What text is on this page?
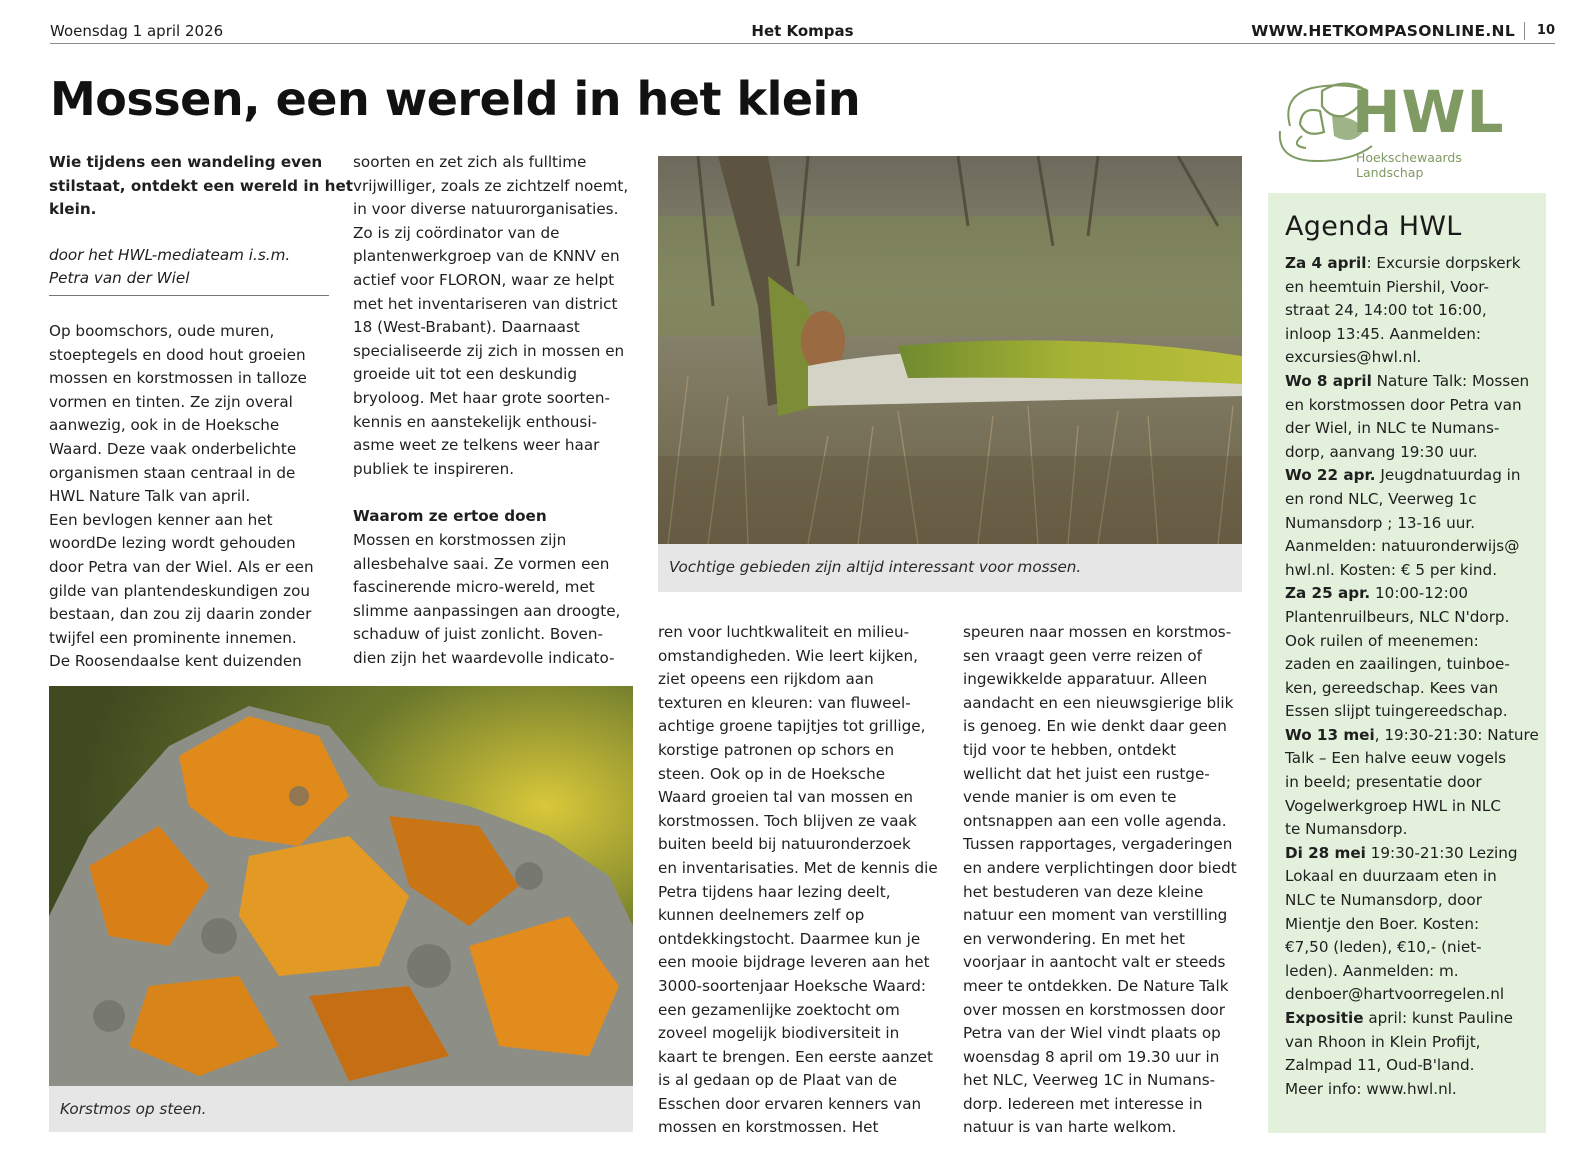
Woensdag 1 april 2026	Het Kompas	WWW.HETKOMPASONLINE.NL 10
Mossen, een wereld in het klein
Wie tijdens een wandeling even
stilstaat, ontdekt een wereld in het
klein.
door het HWL-mediateam i.s.m.
Petra van der Wiel
Op boomschors, oude muren,
stoeptegels en dood hout groeien
mossen en korstmossen in talloze
vormen en tinten. Ze zijn overal
aanwezig, ook in de Hoeksche
Waard. Deze vaak onderbelichte
organismen staan centraal in de
HWL Nature Talk van april.
Een bevlogen kenner aan het
woordDe lezing wordt gehouden
door Petra van der Wiel. Als er een
gilde van plantendeskundigen zou
bestaan, dan zou zij daarin zonder
twijfel een prominente innemen.
De Roosendaalse kent duizenden
soorten en zet zich als fulltime
vrijwilliger, zoals ze zichtzelf noemt,
in voor diverse natuurorganisaties.
Zo is zij coördinator van de
plantenwerkgroep van de KNNV en
actief voor FLORON, waar ze helpt
met het inventariseren van district
18 (West-Brabant). Daarnaast
specialiseerde zij zich in mossen en
groeide uit tot een deskundig
bryoloog. Met haar grote soorten-
kennis en aanstekelijk enthousi-
asme weet ze telkens weer haar
publiek te inspireren.
Waarom ze ertoe doen
Mossen en korstmossen zijn
allesbehalve saai. Ze vormen een
fascinerende micro-wereld, met
slimme aanpassingen aan droogte,
schaduw of juist zonlicht. Boven-
dien zijn het waardevolle indicato-
Vochtige gebieden zijn altijd interessant voor mossen.
ren voor luchtkwaliteit en milieu-
omstandigheden. Wie leert kijken,
ziet opeens een rijkdom aan
texturen en kleuren: van fluweel-
achtige groene tapijtjes tot grillige,
korstige patronen op schors en
steen. Ook op in de Hoeksche
Waard groeien tal van mossen en
korstmossen. Toch blijven ze vaak
buiten beeld bij natuuronderzoek
en inventarisaties. Met de kennis die
Petra tijdens haar lezing deelt,
kunnen deelnemers zelf op
ontdekkingstocht. Daarmee kun je
een mooie bijdrage leveren aan het
3000-soortenjaar Hoeksche Waard:
een gezamenlijke zoektocht om
zoveel mogelijk biodiversiteit in
kaart te brengen. Een eerste aanzet
is al gedaan op de Plaat van de
Esschen door ervaren kenners van
mossen en korstmossen. Het
speuren naar mossen en korstmos-
sen vraagt geen verre reizen of
ingewikkelde apparatuur. Alleen
aandacht en een nieuwsgierige blik
is genoeg. En wie denkt daar geen
tijd voor te hebben, ontdekt
wellicht dat het juist een rustge-
vende manier is om even te
ontsnappen aan een volle agenda.
Tussen rapportages, vergaderingen
en andere verplichtingen door biedt
het bestuderen van deze kleine
natuur een moment van verstilling
en verwondering. En met het
voorjaar in aantocht valt er steeds
meer te ontdekken. De Nature Talk
over mossen en korstmossen door
Petra van der Wiel vindt plaats op
woensdag 8 april om 19.30 uur in
het NLC, Veerweg 1C in Numans-
dorp. Iedereen met interesse in
natuur is van harte welkom.
Korstmos op steen.
HWL
Hoekschewaards Landschap
Agenda HWL
Za 4 april: Excursie dorpskerk
en heemtuin Piershil, Voor-
straat 24, 14:00 tot 16:00,
inloop 13:45. Aanmelden:
excursies@hwl.nl.
Wo 8 april Nature Talk: Mossen
en korstmossen door Petra van
der Wiel, in NLC te Numans-
dorp, aanvang 19:30 uur.
Wo 22 apr. Jeugdnatuurdag in
en rond NLC, Veerweg 1c
Numansdorp ; 13-16 uur.
Aanmelden: natuuronderwijs@
hwl.nl. Kosten: € 5 per kind.
Za 25 apr. 10:00-12:00
Plantenruilbeurs, NLC N'dorp.
Ook ruilen of meenemen:
zaden en zaailingen, tuinboe-
ken, gereedschap. Kees van
Essen slijpt tuingereedschap.
Wo 13 mei, 19:30-21:30: Nature
Talk – Een halve eeuw vogels
in beeld; presentatie door
Vogelwerkgroep HWL in NLC
te Numansdorp.
Di 28 mei 19:30-21:30 Lezing
Lokaal en duurzaam eten in
NLC te Numansdorp, door
Mientje den Boer. Kosten:
€7,50 (leden), €10,- (niet-
leden). Aanmelden: m.
denboer@hartvoorregelen.nl
Expositie april: kunst Pauline
van Rhoon in Klein Profijt,
Zalmpad 11, Oud-B'land.
Meer info: www.hwl.nl.
